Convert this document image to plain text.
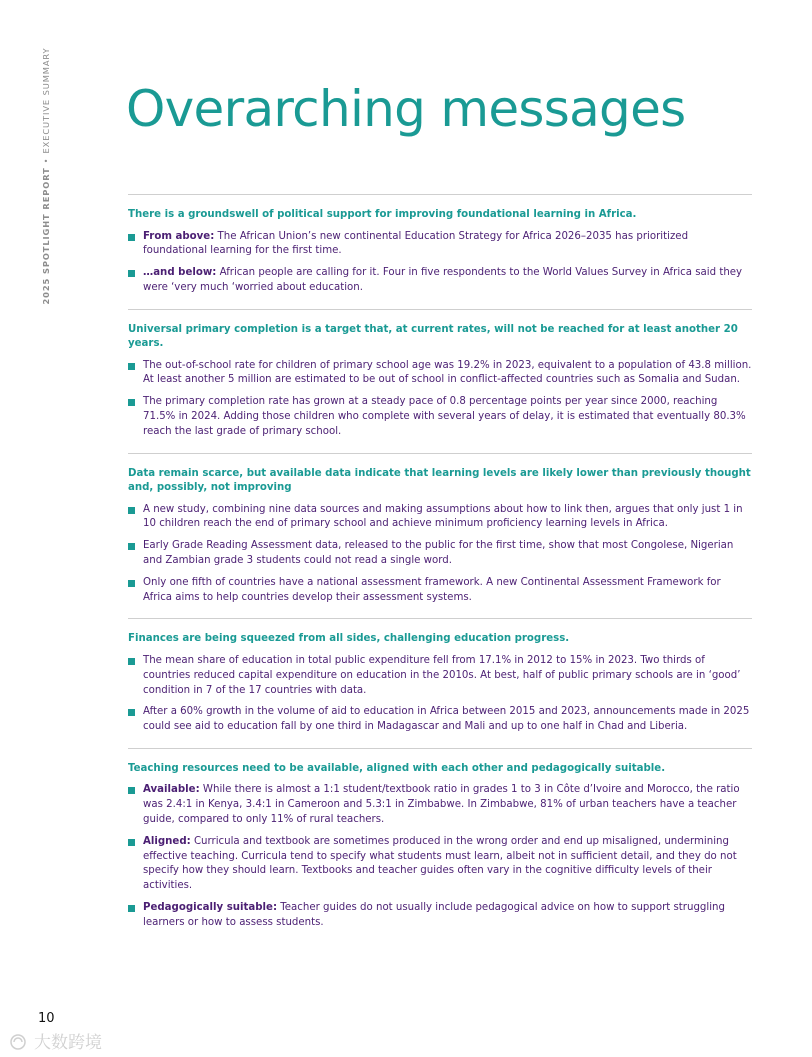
2025 SPOTLIGHT REPORT•EXECUTIVE SUMMARY Overarching messages
There is a groundswell of political support for improving foundational learning in Africa.
From above: The African Union’s new continental Education Strategy for Africa 2026–2035 has prioritized foundational learning for the first time.
…and below: African people are calling for it. Four in five respondents to the World Values Survey in Africa said they were ‘very much ‘worried about education.
Universal primary completion is a target that, at current rates, will not be reached for at least another 20 years.
The out-of-school rate for children of primary school age was 19.2% in 2023, equivalent to a population of 43.8 million. At least another 5 million are estimated to be out of school in conflict-affected countries such as Somalia and Sudan.
The primary completion rate has grown at a steady pace of 0.8 percentage points per year since 2000, reaching 71.5% in 2024. Adding those children who complete with several years of delay, it is estimated that eventually 80.3% reach the last grade of primary school.
Data remain scarce, but available data indicate that learning levels are likely lower than previously thought and, possibly, not improving
A new study, combining nine data sources and making assumptions about how to link then, argues that only just 1 in 10 children reach the end of primary school and achieve minimum proficiency learning levels in Africa.
Early Grade Reading Assessment data, released to the public for the first time, show that most Congolese, Nigerian and Zambian grade 3 students could not read a single word.
Only one fifth of countries have a national assessment framework. A new Continental Assessment Framework for Africa aims to help countries develop their assessment systems.
Finances are being squeezed from all sides, challenging education progress.
The mean share of education in total public expenditure fell from 17.1% in 2012 to 15% in 2023. Two thirds of countries reduced capital expenditure on education in the 2010s. At best, half of public primary schools are in ‘good’ condition in 7 of the 17 countries with data.
After a 60% growth in the volume of aid to education in Africa between 2015 and 2023, announcements made in 2025 could see aid to education fall by one third in Madagascar and Mali and up to one half in Chad and Liberia.
Teaching resources need to be available, aligned with each other and pedagogically suitable.
Available: While there is almost a 1:1 student/textbook ratio in grades 1 to 3 in Côte d’Ivoire and Morocco, the ratio was 2.4:1 in Kenya, 3.4:1 in Cameroon and 5.3:1 in Zimbabwe. In Zimbabwe, 81% of urban teachers have a teacher guide, compared to only 11% of rural teachers.
Aligned: Curricula and textbook are sometimes produced in the wrong order and end up misaligned, undermining effective teaching. Curricula tend to specify what students must learn, albeit not in sufficient detail, and they do not specify how they should learn. Textbooks and teacher guides often vary in the cognitive difficulty levels of their activities.
Pedagogically suitable: Teacher guides do not usually include pedagogical advice on how to support struggling learners or how to assess students.
10
大数跨境
